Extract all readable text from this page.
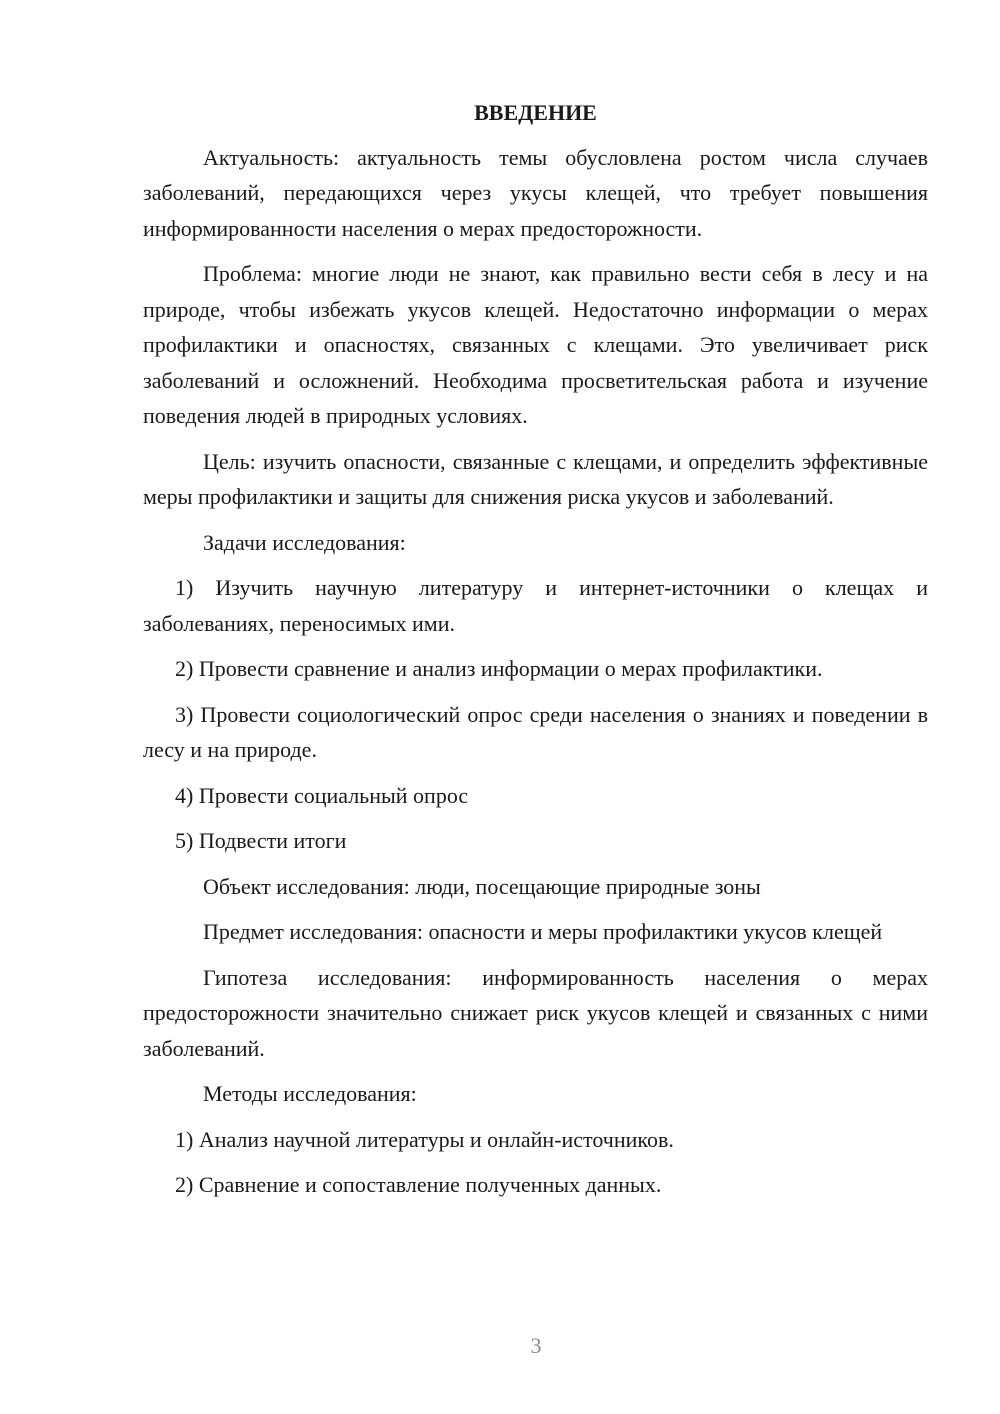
ВВЕДЕНИЕ

Актуальность: актуальность темы обусловлена ростом числа случаев заболеваний, передающихся через укусы клещей, что требует повышения информированности населения о мерах предосторожности.

Проблема: многие люди не знают, как правильно вести себя в лесу и на природе, чтобы избежать укусов клещей. Недостаточно информации о мерах профилактики и опасностях, связанных с клещами. Это увеличивает риск заболеваний и осложнений. Необходима просветительская работа и изучение поведения людей в природных условиях.

Цель: изучить опасности, связанные с клещами, и определить эффективные меры профилактики и защиты для снижения риска укусов и заболеваний.

Задачи исследования:

1) Изучить научную литературу и интернет-источники о клещах и заболеваниях, переносимых ими.

2) Провести сравнение и анализ информации о мерах профилактики.

3) Провести социологический опрос среди населения о знаниях и поведении в лесу и на природе.

4) Провести социальный опрос

5) Подвести итоги

Объект исследования: люди, посещающие природные зоны

Предмет исследования: опасности и меры профилактики укусов клещей

Гипотеза исследования: информированность населения о мерах предосторожности значительно снижает риск укусов клещей и связанных с ними заболеваний.

Методы исследования:

1) Анализ научной литературы и онлайн-источников.

2) Сравнение и сопоставление полученных данных.

3
